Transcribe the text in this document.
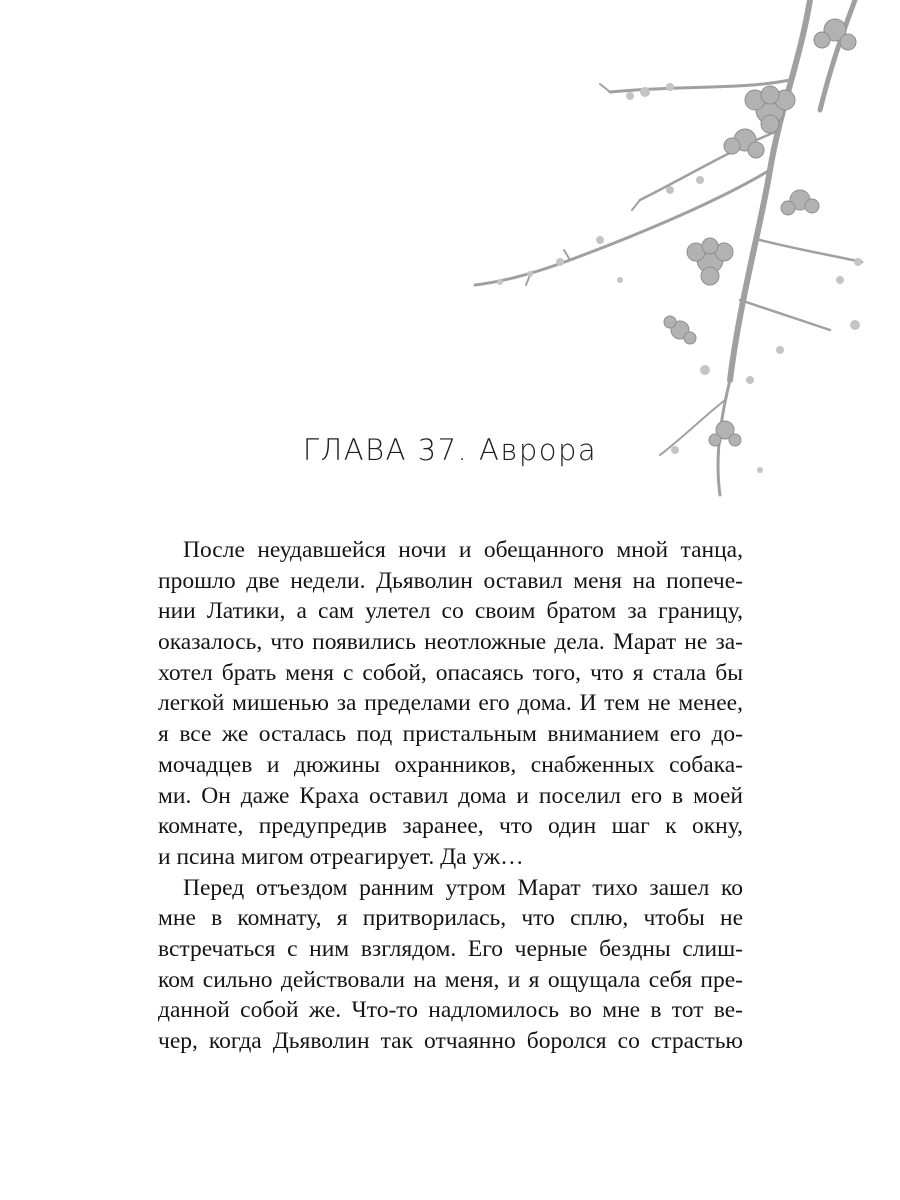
ГЛАВА 37. Аврора
После неудавшейся ночи и обещанного мной танца,
прошло две недели. Дьяволин оставил меня на попече-
нии Латики, а сам улетел со своим братом за границу,
оказалось, что появились неотложные дела. Марат не за-
хотел брать меня с собой, опасаясь того, что я стала бы
легкой мишенью за пределами его дома. И тем не менее,
я все же осталась под пристальным вниманием его до-
мочадцев и дюжины охранников, снабженных собака-
ми. Он даже Краха оставил дома и поселил его в моей
комнате, предупредив заранее, что один шаг к окну,
и псина мигом отреагирует. Да уж…
Перед отъездом ранним утром Марат тихо зашел ко
мне в комнату, я притворилась, что сплю, чтобы не
встречаться с ним взглядом. Его черные бездны слиш-
ком сильно действовали на меня, и я ощущала себя пре-
данной собой же. Что-то надломилось во мне в тот ве-
чер, когда Дьяволин так отчаянно боролся со страстью
